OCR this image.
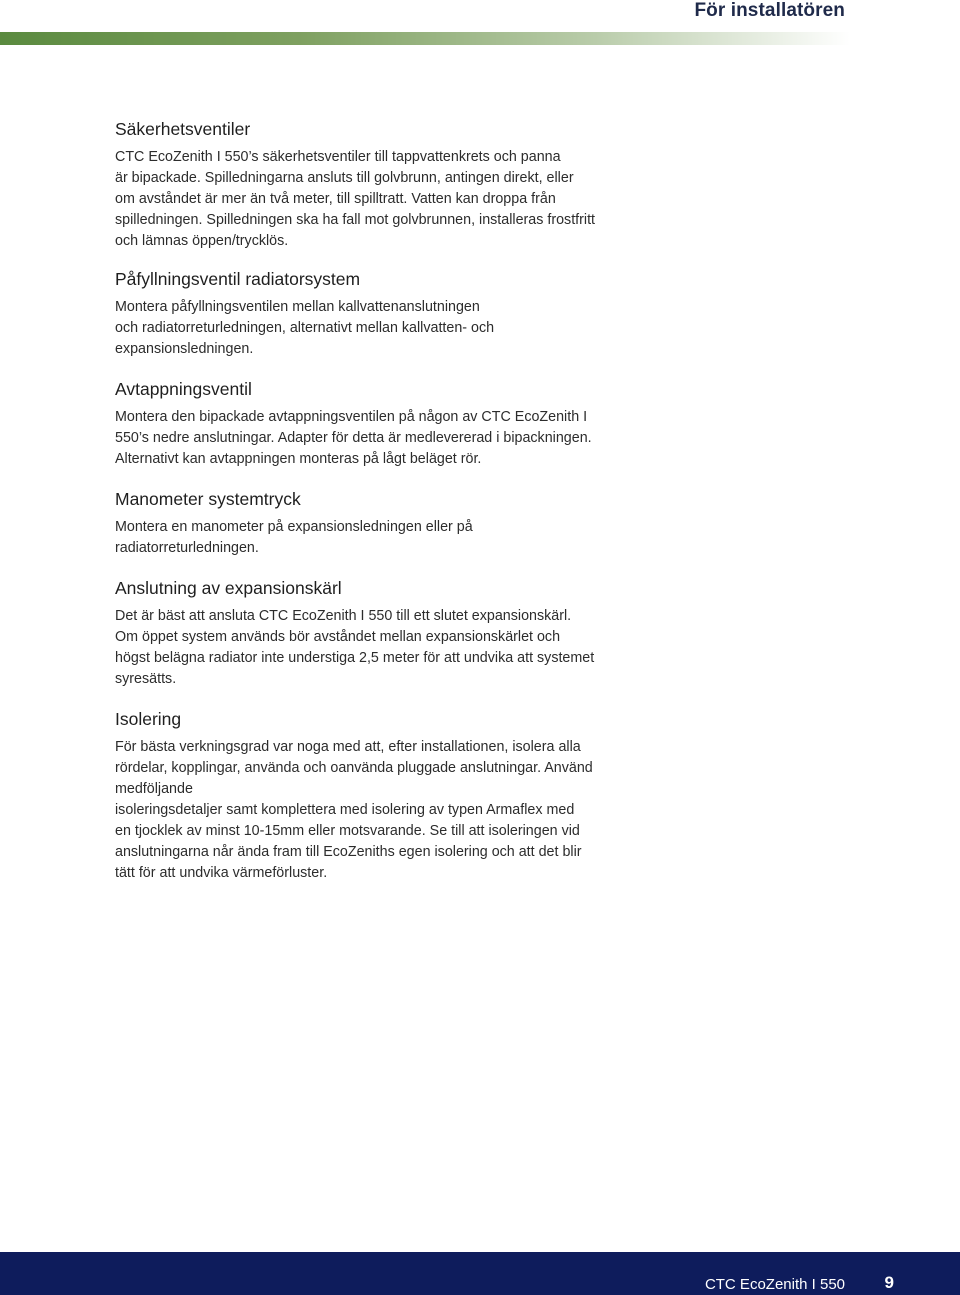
För installatören
Säkerhetsventiler

CTC EcoZenith I 550’s säkerhetsventiler till tappvattenkrets och panna
är bipackade. Spilledningarna ansluts till golvbrunn, antingen direkt, eller
om avståndet är mer än två meter, till spilltratt. Vatten kan droppa från
spilledningen. Spilledningen ska ha fall mot golvbrunnen, installeras frostfritt
och lämnas öppen/trycklös.

Påfyllningsventil radiatorsystem

Montera påfyllningsventilen mellan kallvattenanslutningen
och radiatorreturledningen, alternativt mellan kallvatten- och
expansionsledningen.

Avtappningsventil

Montera den bipackade avtappningsventilen på någon av CTC EcoZenith I
550’s nedre anslutningar. Adapter för detta är medlevererad i bipackningen.
Alternativt kan avtappningen monteras på lågt beläget rör.

Manometer systemtryck

Montera en manometer på expansionsledningen eller på
radiatorreturledningen.

Anslutning av expansionskärl

Det är bäst att ansluta CTC EcoZenith I 550 till ett slutet expansionskärl.
Om öppet system används bör avståndet mellan expansionskärlet och
högst belägna radiator inte understiga 2,5 meter för att undvika att systemet
syresätts.

Isolering

För bästa verkningsgrad var noga med att, efter installationen, isolera alla
rördelar, kopplingar, använda och oanvända pluggade anslutningar. Använd
medföljande
isoleringsdetaljer samt komplettera med isolering av typen Armaflex med
en tjocklek av minst 10-15mm eller motsvarande. Se till att isoleringen vid
anslutningarna når ända fram till EcoZeniths egen isolering och att det blir
tätt för att undvika värmeförluster.

CTC EcoZenith I 550 9
